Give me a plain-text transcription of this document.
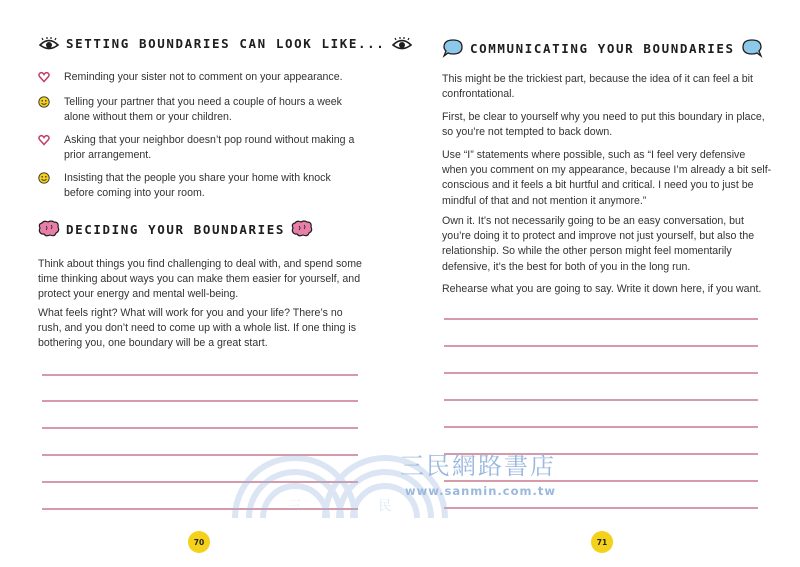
SETTING BOUNDARIES CAN LOOK LIKE...
Reminding your sister not to comment on your appearance.
Telling your partner that you need a couple of hours a week alone without them or your children.
Asking that your neighbor doesn’t pop round without making a prior arrangement.
Insisting that the people you share your home with knock before coming into your room.
DECIDING YOUR BOUNDARIES
Think about things you find challenging to deal with, and spend some time thinking about ways you can make them easier for yourself, and protect your energy and mental well-being.
What feels right? What will work for you and your life? There’s no rush, and you don’t need to come up with a whole list. If one thing is bothering you, one boundary will be a great start.
70
COMMUNICATING YOUR BOUNDARIES
This might be the trickiest part, because the idea of it can feel a bit confrontational.
First, be clear to yourself why you need to put this boundary in place, so you’re not tempted to back down.
Use “I” statements where possible, such as “I feel very defensive when you comment on my appearance, because I’m already a bit self-conscious and it feels a bit hurtful and critical. I need you to just be mindful of that and not mention it anymore.”
Own it. It’s not necessarily going to be an easy conversation, but you’re doing it to protect and improve not just yourself, but also the relationship. So while the other person might feel momentarily defensive, it’s the best for both of you in the long run.
Rehearse what you are going to say. Write it down here, if you want.
71
三	民
三民網路書店
www.sanmin.com.tw
